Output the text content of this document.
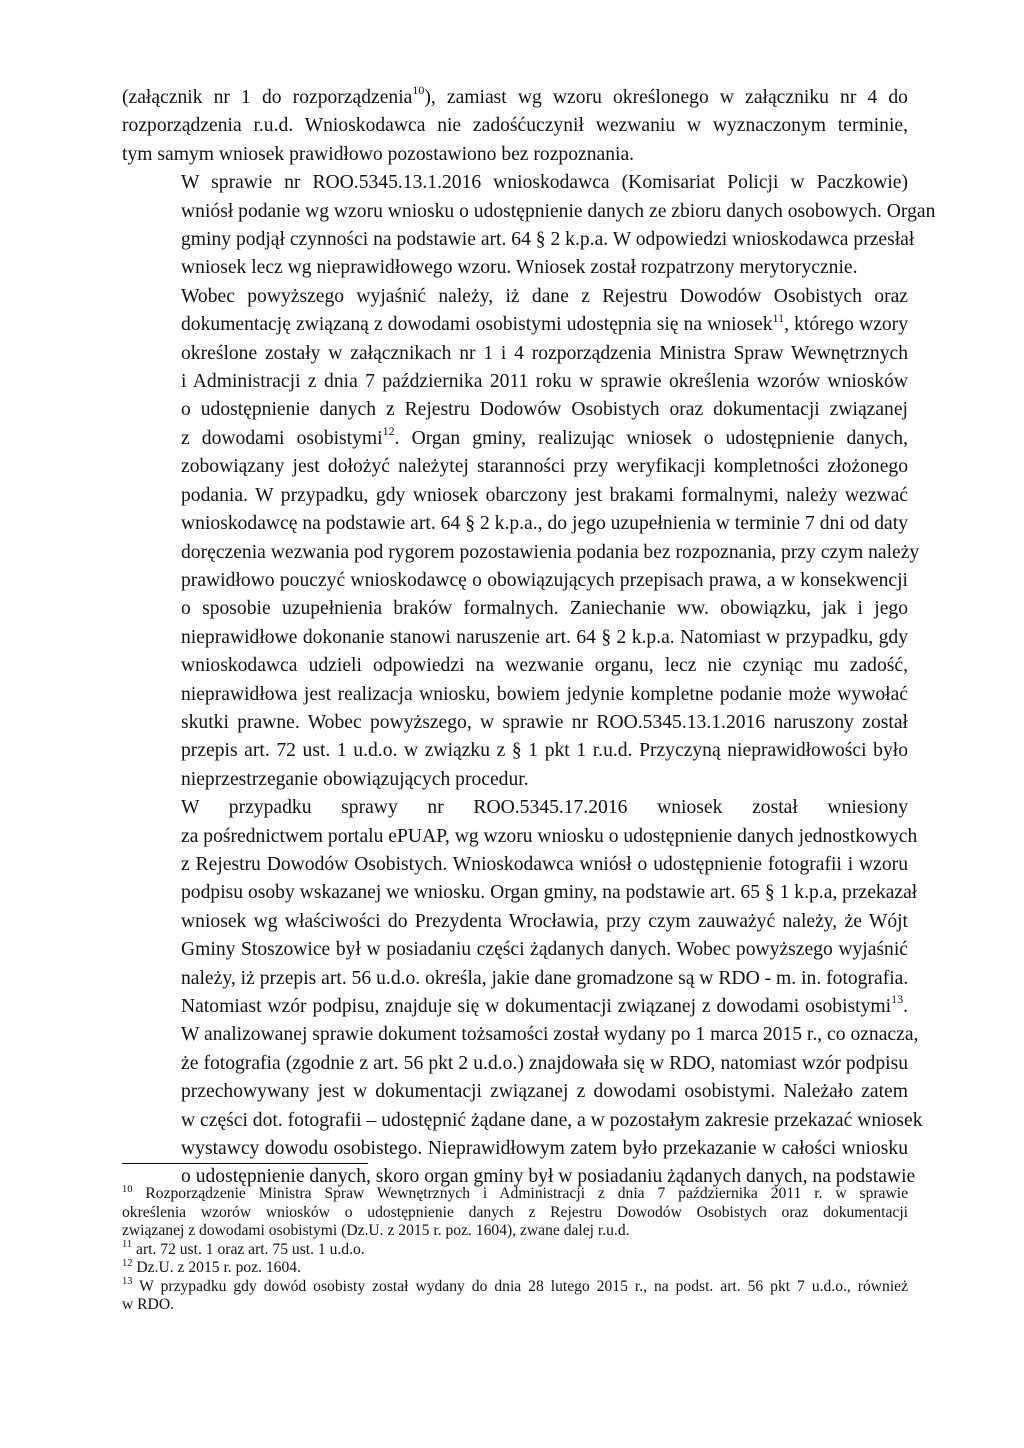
(załącznik nr 1 do rozporządzenia$^{10}$), zamiast wg wzoru określonego w załączniku nr 4 do
rozporządzenia r.u.d. Wnioskodawca nie zadośćuczynił wezwaniu w wyznaczonym terminie,
tym samym wniosek prawidłowo pozostawiono bez rozpoznania.

W sprawie nr ROO.5345.13.1.2016 wnioskodawca (Komisariat Policji w Paczkowie)
wniósł podanie wg wzoru wniosku o udostępnienie danych ze zbioru danych osobowych. Organ
gminy podjął czynności na podstawie art. 64 § 2 k.p.a. W odpowiedzi wnioskodawca przesłał
wniosek lecz wg nieprawidłowego wzoru. Wniosek został rozpatrzony merytorycznie.

Wobec powyższego wyjaśnić należy, iż dane z Rejestru Dowodów Osobistych oraz
dokumentację związaną z dowodami osobistymi udostępnia się na wniosek$^{11}$, którego wzory
określone zostały w załącznikach nr 1 i 4 rozporządzenia Ministra Spraw Wewnętrznych
i Administracji z dnia 7 października 2011 roku w sprawie określenia wzorów wniosków
o udostępnienie danych z Rejestru Dodowów Osobistych oraz dokumentacji związanej
z dowodami osobistymi$^{12}$. Organ gminy, realizując wniosek o udostępnienie danych,
zobowiązany jest dołożyć należytej staranności przy weryfikacji kompletności złożonego
podania. W przypadku, gdy wniosek obarczony jest brakami formalnymi, należy wezwać
wnioskodawcę na podstawie art. 64 § 2 k.p.a., do jego uzupełnienia w terminie 7 dni od daty
doręczenia wezwania pod rygorem pozostawienia podania bez rozpoznania, przy czym należy
prawidłowo pouczyć wnioskodawcę o obowiązujących przepisach prawa, a w konsekwencji
o sposobie uzupełnienia braków formalnych. Zaniechanie ww. obowiązku, jak i jego
nieprawidłowe dokonanie stanowi naruszenie art. 64 § 2 k.p.a. Natomiast w przypadku, gdy
wnioskodawca udzieli odpowiedzi na wezwanie organu, lecz nie czyniąc mu zadość,
nieprawidłowa jest realizacja wniosku, bowiem jedynie kompletne podanie może wywołać
skutki prawne. Wobec powyższego, w sprawie nr ROO.5345.13.1.2016 naruszony został
przepis art. 72 ust. 1 u.d.o. w związku z § 1 pkt 1 r.u.d. Przyczyną nieprawidłowości było
nieprzestrzeganie obowiązujących procedur.

W przypadku sprawy nr ROO.5345.17.2016 wniosek został wniesiony
za pośrednictwem portalu ePUAP, wg wzoru wniosku o udostępnienie danych jednostkowych
z Rejestru Dowodów Osobistych. Wnioskodawca wniósł o udostępnienie fotografii i wzoru
podpisu osoby wskazanej we wniosku. Organ gminy, na podstawie art. 65 § 1 k.p.a, przekazał
wniosek wg właściwości do Prezydenta Wrocławia, przy czym zauważyć należy, że Wójt
Gminy Stoszowice był w posiadaniu części żądanych danych. Wobec powyższego wyjaśnić
należy, iż przepis art. 56 u.d.o. określa, jakie dane gromadzone są w RDO - m. in. fotografia.
Natomiast wzór podpisu, znajduje się w dokumentacji związanej z dowodami osobistymi$^{13}$.
W analizowanej sprawie dokument tożsamości został wydany po 1 marca 2015 r., co oznacza,
że fotografia (zgodnie z art. 56 pkt 2 u.d.o.) znajdowała się w RDO, natomiast wzór podpisu
przechowywany jest w dokumentacji związanej z dowodami osobistymi. Należało zatem
w części dot. fotografii – udostępnić żądane dane, a w pozostałym zakresie przekazać wniosek
wystawcy dowodu osobistego. Nieprawidłowym zatem było przekazanie w całości wniosku
o udostępnienie danych, skoro organ gminy był w posiadaniu żądanych danych, na podstawie

$^{10}$ Rozporządzenie Ministra Spraw Wewnętrznych i Administracji z dnia 7 października 2011 r. w sprawie
określenia wzorów wniosków o udostępnienie danych z Rejestru Dowodów Osobistych oraz dokumentacji
związanej z dowodami osobistymi (Dz.U. z 2015 r. poz. 1604), zwane dalej r.u.d.

$^{11}$ art. 72 ust. 1 oraz art. 75 ust. 1 u.d.o.

$^{12}$ Dz.U. z 2015 r. poz. 1604.

$^{13}$ W przypadku gdy dowód osobisty został wydany do dnia 28 lutego 2015 r., na podst. art. 56 pkt 7 u.d.o., również
w RDO.
